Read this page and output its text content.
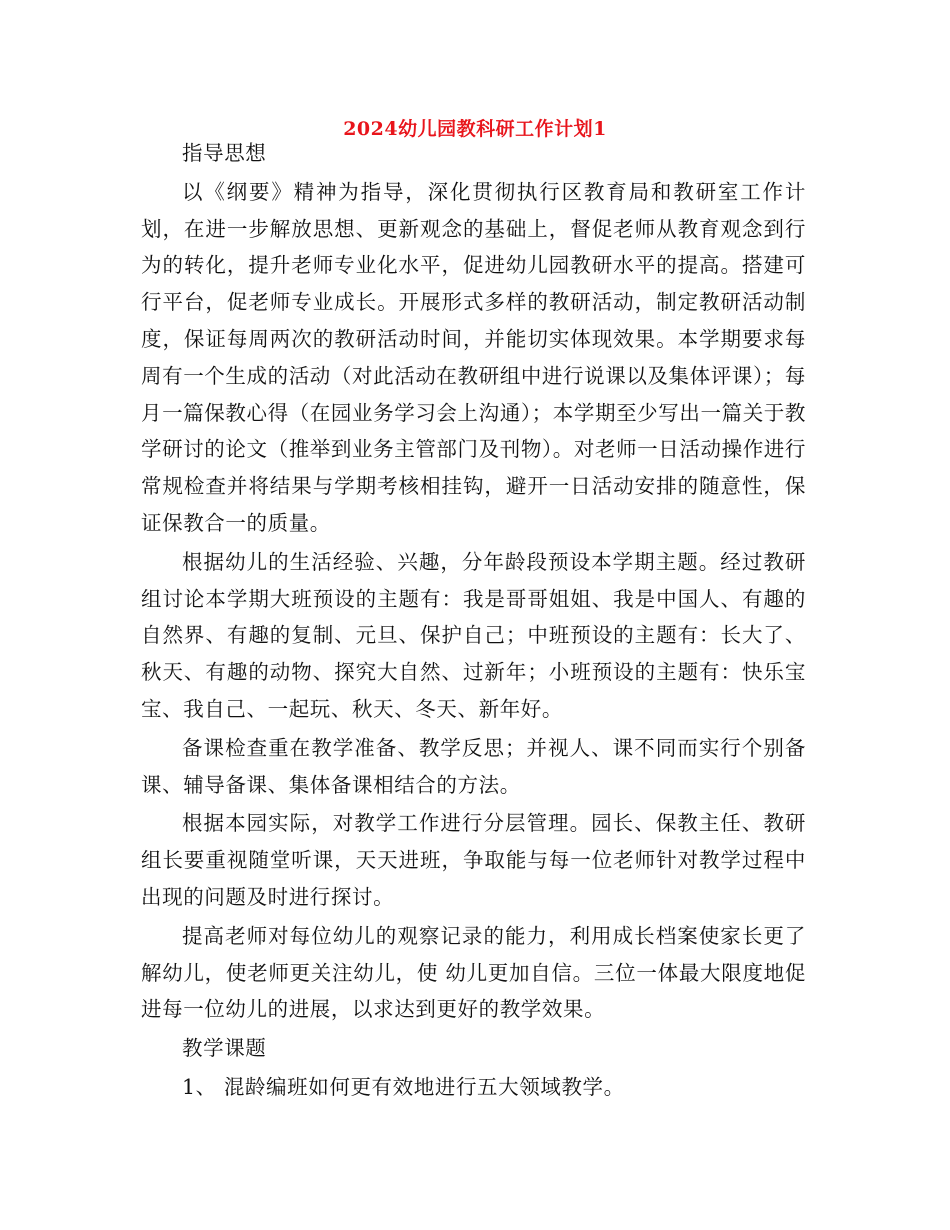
2024幼儿园教科研工作计划1

指导思想

以《纲要》精神为指导，深化贯彻执行区教育局和教研室工作计划，在进一步解放思想、更新观念的基础上，督促老师从教育观念到行为的转化，提升老师专业化水平，促进幼儿园教研水平的提高。搭建可行平台，促老师专业成长。开展形式多样的教研活动，制定教研活动制度，保证每周两次的教研活动时间，并能切实体现效果。本学期要求每周有一个生成的活动（对此活动在教研组中进行说课以及集体评课）；每月一篇保教心得（在园业务学习会上沟通）；本学期至少写出一篇关于教学研讨的论文（推举到业务主管部门及刊物）。对老师一日活动操作进行常规检查并将结果与学期考核相挂钩，避开一日活动安排的随意性，保证保教合一的质量。

根据幼儿的生活经验、兴趣，分年龄段预设本学期主题。经过教研组讨论本学期大班预设的主题有：我是哥哥姐姐、我是中国人、有趣的自然界、有趣的复制、元旦、保护自己；中班预设的主题有：长大了、秋天、有趣的动物、探究大自然、过新年；小班预设的主题有：快乐宝宝、我自己、一起玩、秋天、冬天、新年好。

备课检查重在教学准备、教学反思；并视人、课不同而实行个别备课、辅导备课、集体备课相结合的方法。

根据本园实际，对教学工作进行分层管理。园长、保教主任、教研组长要重视随堂听课，天天进班，争取能与每一位老师针对教学过程中出现的问题及时进行探讨。

提高老师对每位幼儿的观察记录的能力，利用成长档案使家长更了解幼儿，使老师更关注幼儿，使 幼儿更加自信。三位一体最大限度地促进每一位幼儿的进展，以求达到更好的教学效果。

教学课题

1、 混龄编班如何更有效地进行五大领域教学。
